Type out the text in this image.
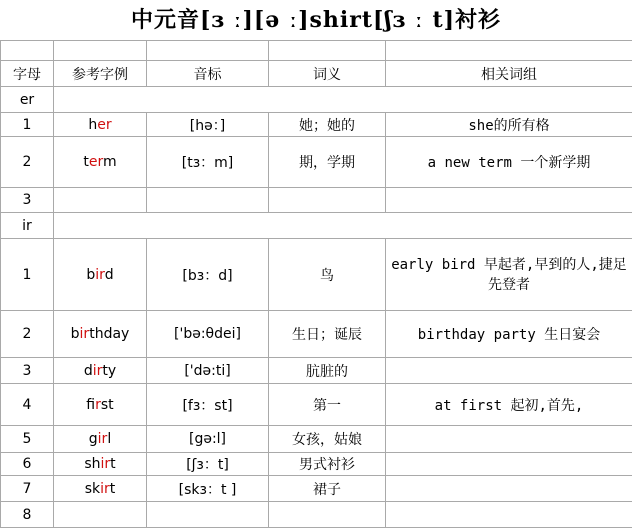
中元音[ɜ ː][ə ː]shirt[ʃɜ ː t]衬衫

字母	参考字例	音标	词义	相关词组
er				
1	her	[hə：]	她；她的	she的所有格
2	term	[tɜ：m]	期，学期	a new term 一个新学期
3				
ir				
1	bird	[bɜ：d]	鸟	early bird 早起者,早到的人,捷足先登者
2	birthday	['bə:θdei]	生日；诞辰	birthday party 生日宴会
3	dirty	['də:ti]	肮脏的	
4	first	[fɜ：st]	第一	at first 起初,首先,
5	girl	[gə:l]	女孩，姑娘	
6	shirt	[ʃɜ：t]	男式衬衫	
7	skirt	[skɜ：t ]	裙子	
8				
